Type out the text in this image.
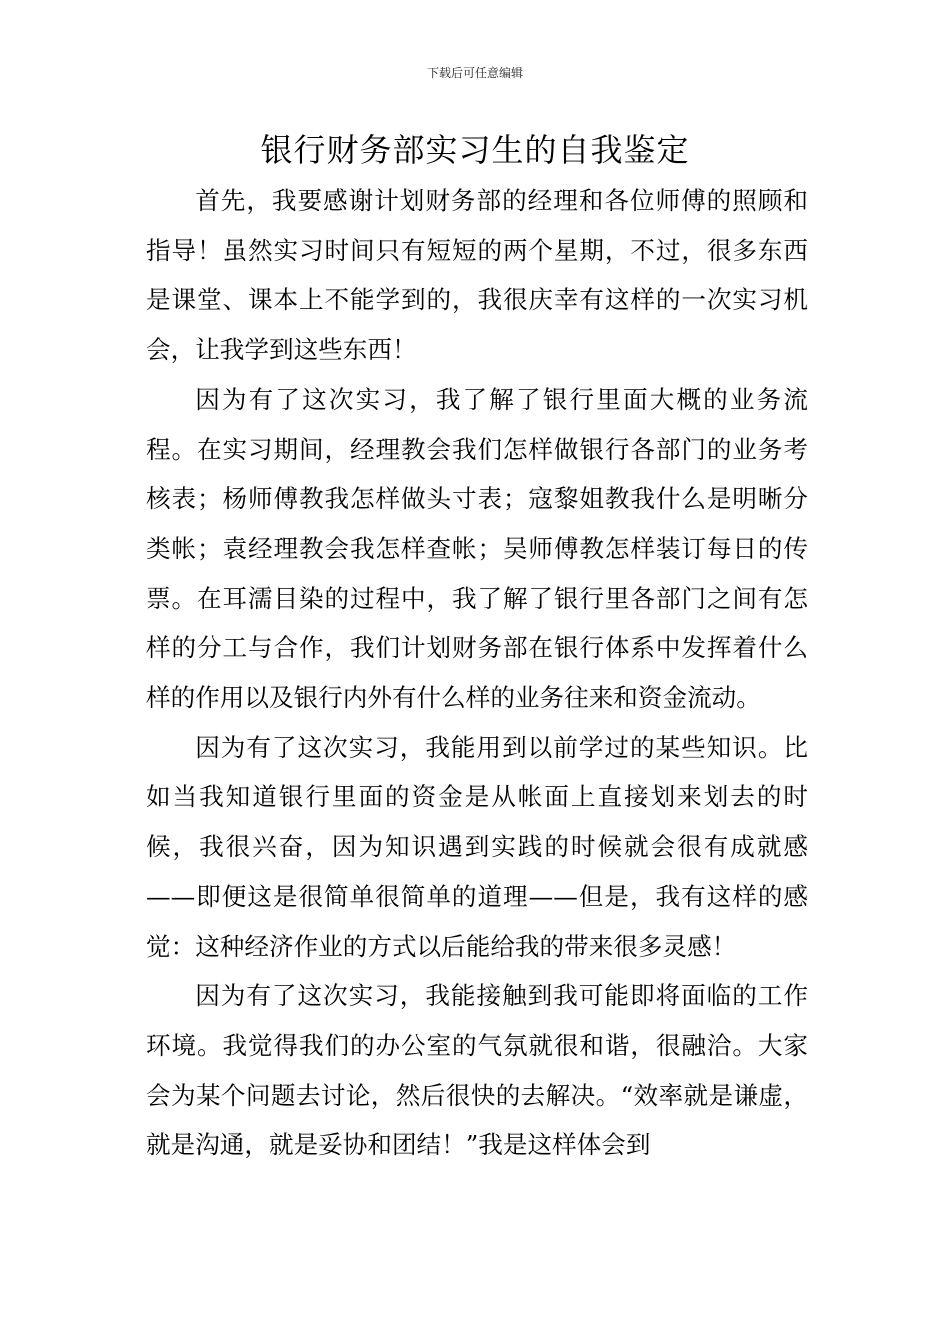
下载后可任意编辑
银行财务部实习生的自我鉴定

首先，我要感谢计划财务部的经理和各位师傅的照顾和指导！虽然实习时间只有短短的两个星期，不过，很多东西是课堂、课本上不能学到的，我很庆幸有这样的一次实习机会，让我学到这些东西！

因为有了这次实习，我了解了银行里面大概的业务流程。在实习期间，经理教会我们怎样做银行各部门的业务考核表；杨师傅教我怎样做头寸表；寇黎姐教我什么是明晰分类帐；袁经理教会我怎样查帐；吴师傅教怎样装订每日的传票。在耳濡目染的过程中，我了解了银行里各部门之间有怎样的分工与合作，我们计划财务部在银行体系中发挥着什么样的作用以及银行内外有什么样的业务往来和资金流动。

因为有了这次实习，我能用到以前学过的某些知识。比如当我知道银行里面的资金是从帐面上直接划来划去的时候，我很兴奋，因为知识遇到实践的时候就会很有成就感——即便这是很简单很简单的道理——但是，我有这样的感觉：这种经济作业的方式以后能给我的带来很多灵感！

因为有了这次实习，我能接触到我可能即将面临的工作环境。我觉得我们的办公室的气氛就很和谐，很融洽。大家会为某个问题去讨论，然后很快的去解决。“效率就是谦虚，就是沟通，就是妥协和团结！”我是这样体会到
